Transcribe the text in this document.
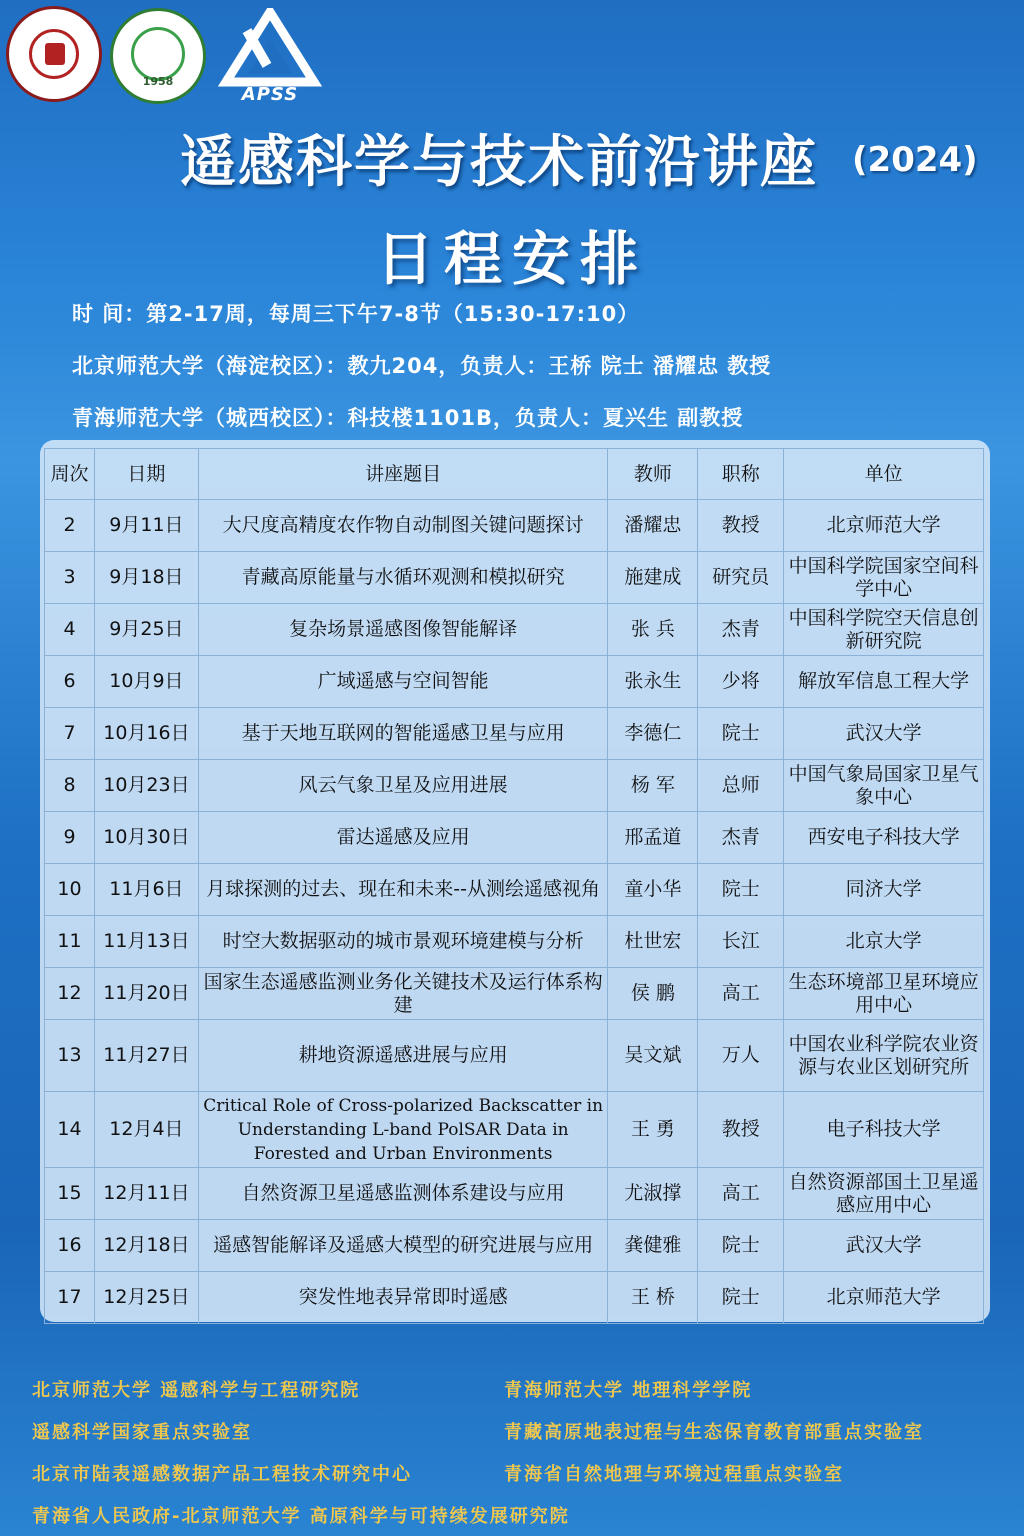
1958
APSS
遥感科学与技术前沿讲座	(2024)
日程安排
时 间：第2-17周，每周三下午7-8节（15:30-17:10）
北京师范大学（海淀校区）：教九204，负责人：王桥 院士 潘耀忠 教授
青海师范大学（城西校区）：科技楼1101B，负责人：夏兴生 副教授
周次	日期	讲座题目	教师	职称	单位
2	9月11日	大尺度高精度农作物自动制图关键问题探讨	潘耀忠	教授	北京师范大学
3	9月18日	青藏高原能量与水循环观测和模拟研究	施建成	研究员	中国科学院国家空间科学中心
4	9月25日	复杂场景遥感图像智能解译	张 兵	杰青	中国科学院空天信息创新研究院
6	10月9日	广域遥感与空间智能	张永生	少将	解放军信息工程大学
7	10月16日	基于天地互联网的智能遥感卫星与应用	李德仁	院士	武汉大学
8	10月23日	风云气象卫星及应用进展	杨 军	总师	中国气象局国家卫星气象中心
9	10月30日	雷达遥感及应用	邢孟道	杰青	西安电子科技大学
10	11月6日	月球探测的过去、现在和未来--从测绘遥感视角	童小华	院士	同济大学
11	11月13日	时空大数据驱动的城市景观环境建模与分析	杜世宏	长江	北京大学
12	11月20日	国家生态遥感监测业务化关键技术及运行体系构建	侯 鹏	高工	生态环境部卫星环境应用中心
13	11月27日	耕地资源遥感进展与应用	吴文斌	万人	中国农业科学院农业资源与农业区划研究所
14	12月4日	Critical Role of Cross-polarized Backscatter in Understanding L-band PolSAR Data in Forested and Urban Environments	王 勇	教授	电子科技大学
15	12月11日	自然资源卫星遥感监测体系建设与应用	尤淑撑	高工	自然资源部国土卫星遥感应用中心
16	12月18日	遥感智能解译及遥感大模型的研究进展与应用	龚健雅	院士	武汉大学
17	12月25日	突发性地表异常即时遥感	王 桥	院士	北京师范大学
北京师范大学 遥感科学与工程研究院	青海师范大学 地理科学学院
遥感科学国家重点实验室	青藏高原地表过程与生态保育教育部重点实验室
北京市陆表遥感数据产品工程技术研究中心	青海省自然地理与环境过程重点实验室
青海省人民政府-北京师范大学 高原科学与可持续发展研究院
